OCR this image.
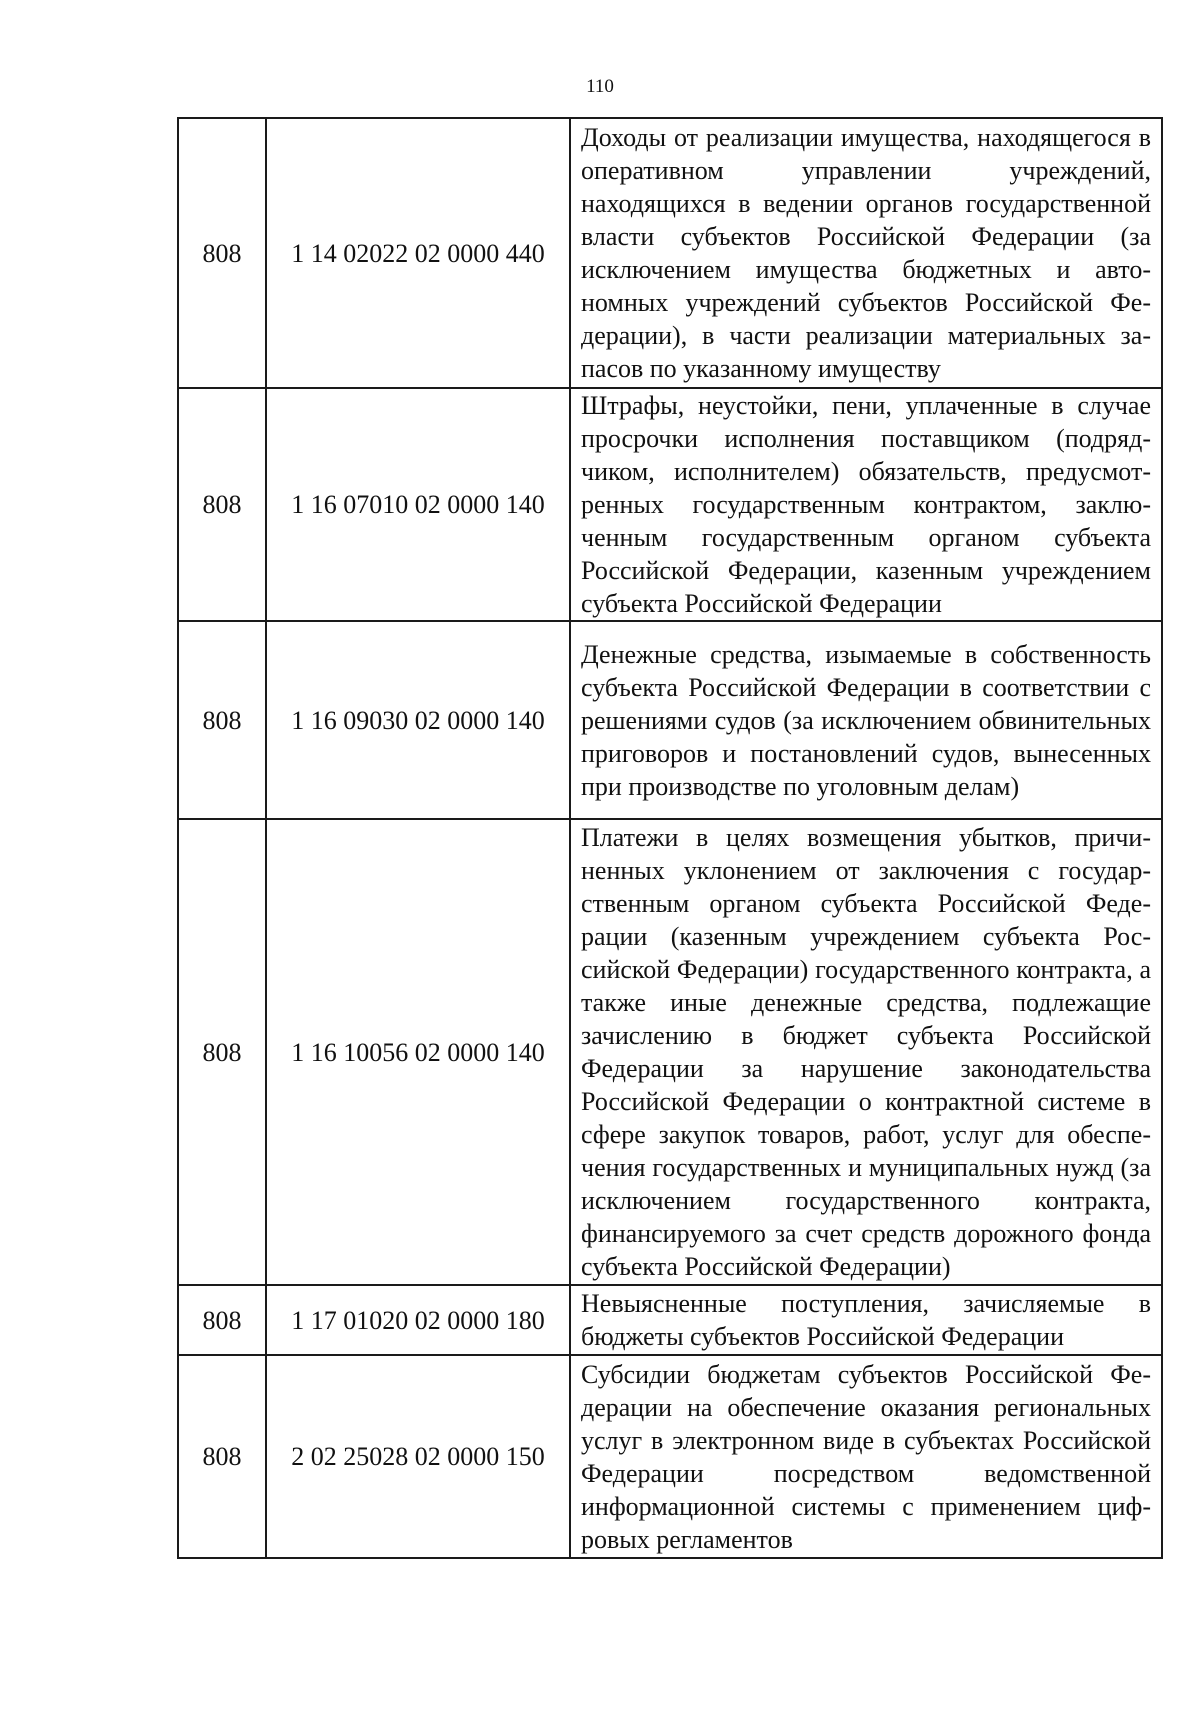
110
808	1 14 02022 02 0000 440	Доходы от реализации имущества, находящегося в оперативном управлении учреждений, находящихся в ведении органов государственной власти субъектов Российской Федерации (за исключением имущества бюджетных и автономных учреждений субъектов Российской Федерации), в части реализации материальных запасов по указанному имуществу
808	1 16 07010 02 0000 140	Штрафы, неустойки, пени, уплаченные в случае просрочки исполнения поставщиком (подрядчиком, исполнителем) обязательств, предусмотренных государственным контрактом, заключенным государственным органом субъекта Российской Федерации, казенным учреждением субъекта Российской Федерации
808	1 16 09030 02 0000 140	Денежные средства, изымаемые в собственность субъекта Российской Федерации в соответствии с решениями судов (за исключением обвинительных приговоров и постановлений судов, вынесенных при производстве по уголовным делам)
808	1 16 10056 02 0000 140	Платежи в целях возмещения убытков, причиненных уклонением от заключения с государственным органом субъекта Российской Федерации (казенным учреждением субъекта Российской Федерации) государственного контракта, а также иные денежные средства, подлежащие зачислению в бюджет субъекта Российской Федерации за нарушение законодательства Российской Федерации о контрактной системе в сфере закупок товаров, работ, услуг для обеспечения государственных и муниципальных нужд (за исключением государственного контракта, финансируемого за счет средств дорожного фонда субъекта Российской Федерации)
808	1 17 01020 02 0000 180	Невыясненные поступления, зачисляемые в бюджеты субъектов Российской Федерации
808	2 02 25028 02 0000 150	Субсидии бюджетам субъектов Российской Федерации на обеспечение оказания региональных услуг в электронном виде в субъектах Российской Федерации посредством ведомственной информационной системы с применением цифровых регламентов
